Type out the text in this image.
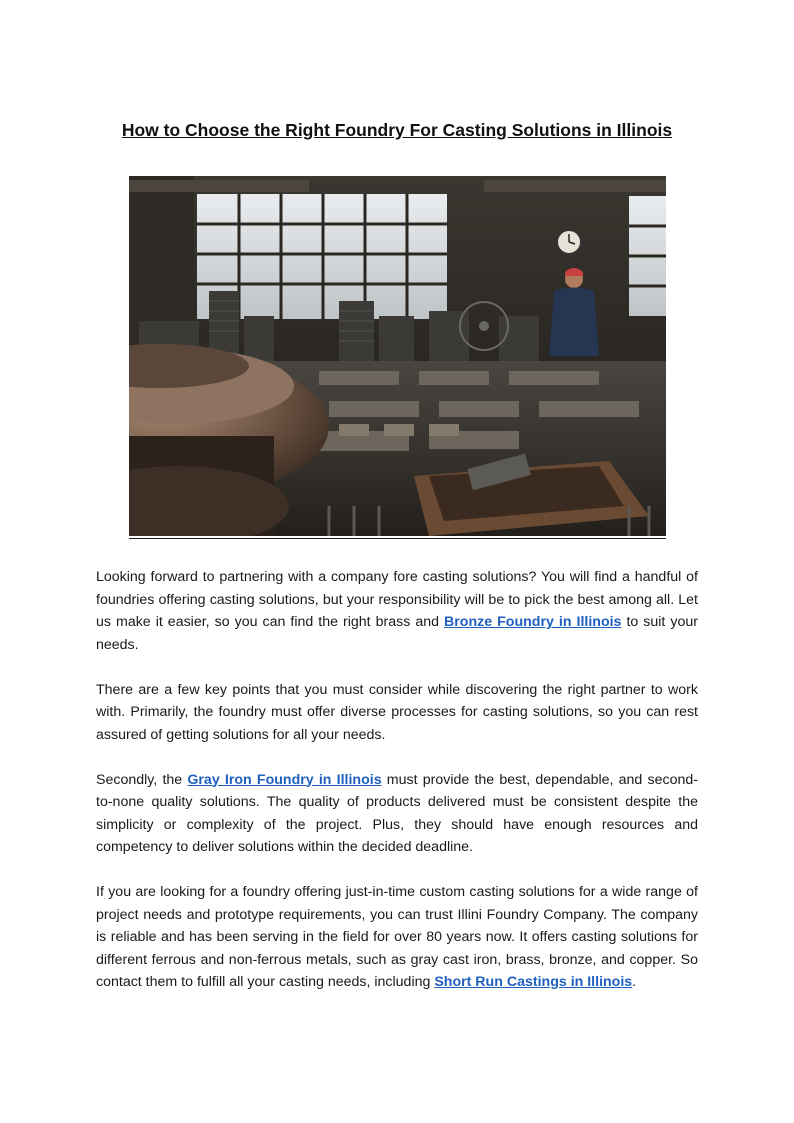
How to Choose the Right Foundry For Casting Solutions in Illinois

Looking forward to partnering with a company fore casting solutions? You will find a handful of foundries offering casting solutions, but your responsibility will be to pick the best among all. Let us make it easier, so you can find the right brass and Bronze Foundry in Illinois to suit your needs.

There are a few key points that you must consider while discovering the right partner to work with. Primarily, the foundry must offer diverse processes for casting solutions, so you can rest assured of getting solutions for all your needs.

Secondly, the Gray Iron Foundry in Illinois must provide the best, dependable, and second-to-none quality solutions. The quality of products delivered must be consistent despite the simplicity or complexity of the project. Plus, they should have enough resources and competency to deliver solutions within the decided deadline.

If you are looking for a foundry offering just-in-time custom casting solutions for a wide range of project needs and prototype requirements, you can trust Illini Foundry Company. The company is reliable and has been serving in the field for over 80 years now. It offers casting solutions for different ferrous and non-ferrous metals, such as gray cast iron, brass, bronze, and copper. So contact them to fulfill all your casting needs, including Short Run Castings in Illinois.
